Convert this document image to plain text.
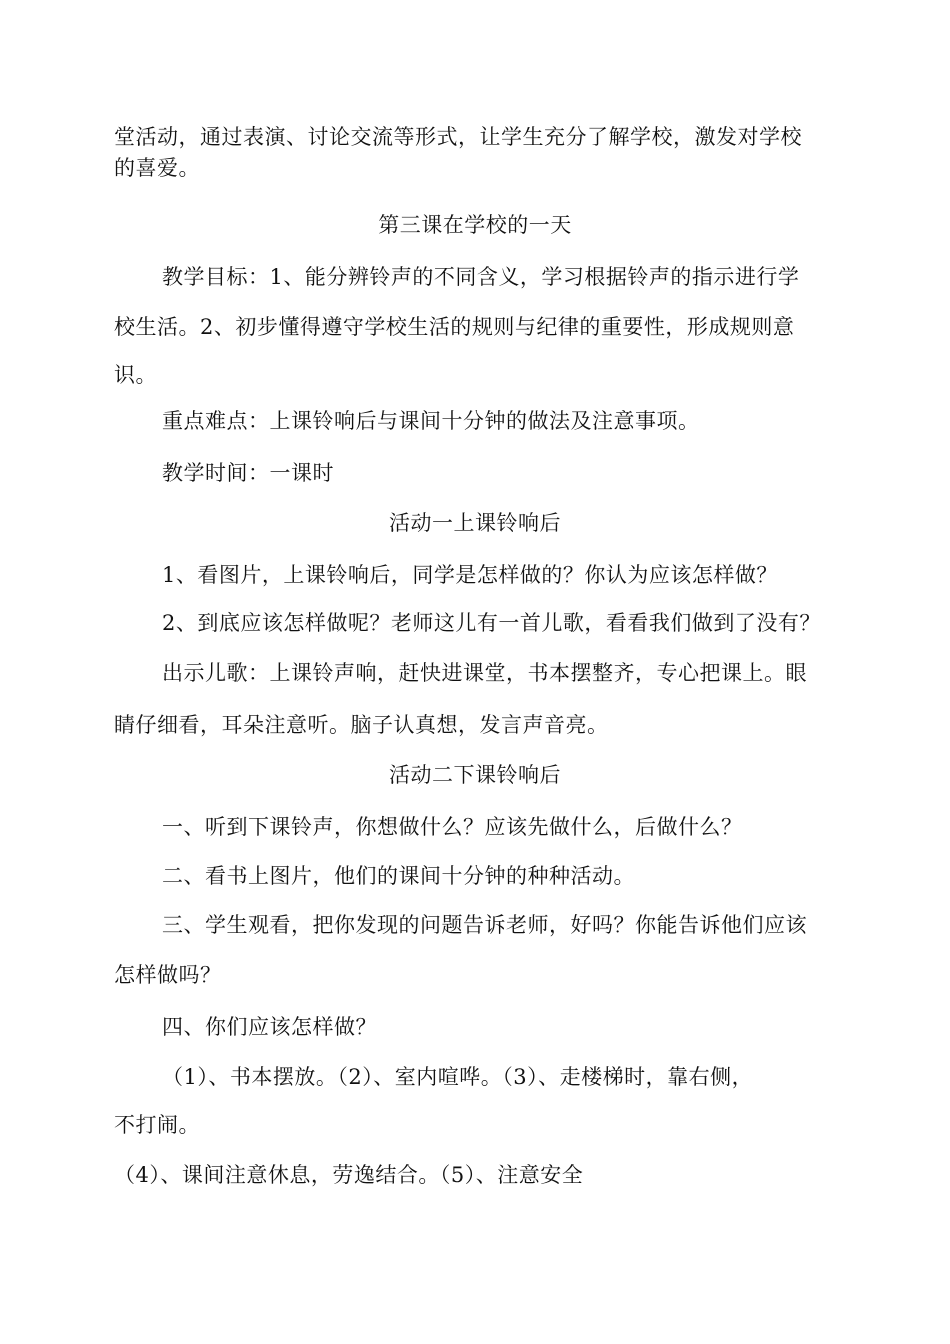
堂活动，通过表演、讨论交流等形式，让学生充分了解学校，激发对学校
的喜爱。
第三课在学校的一天
教学目标：1、能分辨铃声的不同含义，学习根据铃声的指示进行学
校生活。2、初步懂得遵守学校生活的规则与纪律的重要性，形成规则意
识。
重点难点：上课铃响后与课间十分钟的做法及注意事项。
教学时间：一课时
活动一上课铃响后
1、看图片，上课铃响后，同学是怎样做的？你认为应该怎样做？
2、到底应该怎样做呢？老师这儿有一首儿歌，看看我们做到了没有？
出示儿歌：上课铃声响，赶快进课堂，书本摆整齐，专心把课上。眼
睛仔细看，耳朵注意听。脑子认真想，发言声音亮。
活动二下课铃响后
一、听到下课铃声，你想做什么？应该先做什么，后做什么？
二、看书上图片，他们的课间十分钟的种种活动。
三、学生观看，把你发现的问题告诉老师，好吗？你能告诉他们应该
怎样做吗？
四、你们应该怎样做？
（1）、书本摆放。（2）、室内喧哗。（3）、走楼梯时，靠右侧，
不打闹。
（4）、课间注意休息，劳逸结合。（5）、注意安全
